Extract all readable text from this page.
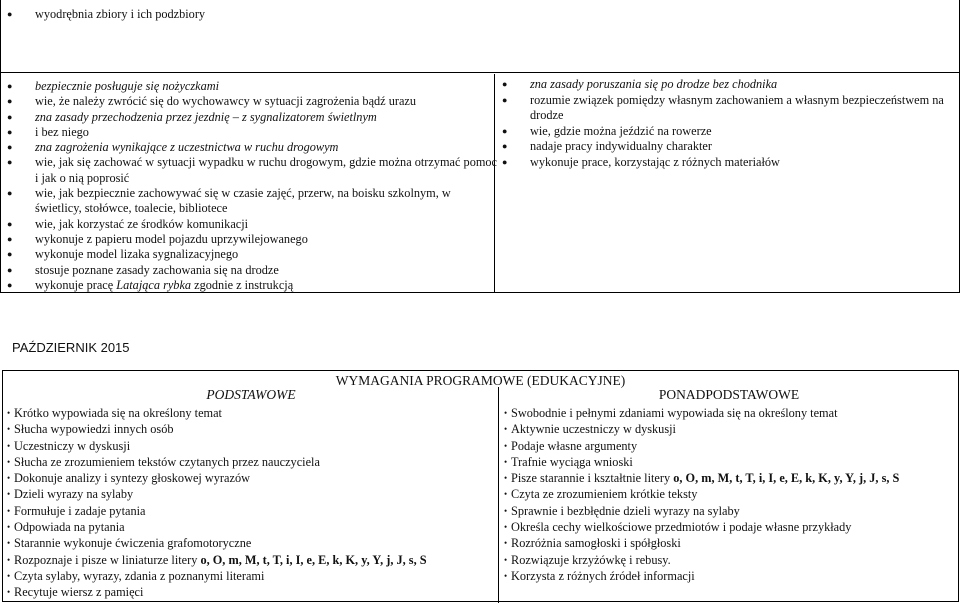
● wyodrębnia zbiory i ich podzbiory
● bezpiecznie posługuje się nożyczkami
● wie, że należy zwrócić się do wychowawcy w sytuacji zagrożenia bądź urazu
● zna zasady przechodzenia przez jezdnię – z sygnalizatorem świetlnym
● i bez niego
● zna zagrożenia wynikające z uczestnictwa w ruchu drogowym
● wie, jak się zachować w sytuacji wypadku w ruchu drogowym, gdzie można otrzymać pomoc
i jak o nią poprosić
● wie, jak bezpiecznie zachowywać się w czasie zajęć, przerw, na boisku szkolnym, w
świetlicy, stołówce, toalecie, bibliotece
● wie, jak korzystać ze środków komunikacji
● wykonuje z papieru model pojazdu uprzywilejowanego
● wykonuje model lizaka sygnalizacyjnego
● stosuje poznane zasady zachowania się na drodze
● wykonuje pracę Latająca rybka zgodnie z instrukcją
● zna zasady poruszania się po drodze bez chodnika
● rozumie związek pomiędzy własnym zachowaniem a własnym bezpieczeństwem na
drodze
● wie, gdzie można jeździć na rowerze
● nadaje pracy indywidualny charakter
● wykonuje prace, korzystając z różnych materiałów
PAŹDZIERNIK 2015
WYMAGANIA PROGRAMOWE (EDUKACYJNE)
PODSTAWOWE
• Krótko wypowiada się na określony temat
• Słucha wypowiedzi innych osób
• Uczestniczy w dyskusji
• Słucha ze zrozumieniem tekstów czytanych przez nauczyciela
• Dokonuje analizy i syntezy głoskowej wyrazów
• Dzieli wyrazy na sylaby
• Formułuje i zadaje pytania
• Odpowiada na pytania
• Starannie wykonuje ćwiczenia grafomotoryczne
• Rozpoznaje i pisze w liniaturze litery o, O, m, M, t, T, i, I, e, E, k, K, y, Y, j, J, s, S
• Czyta sylaby, wyrazy, zdania z poznanymi literami
• Recytuje wiersz z pamięci
PONADPODSTAWOWE
• Swobodnie i pełnymi zdaniami wypowiada się na określony temat
• Aktywnie uczestniczy w dyskusji
• Podaje własne argumenty
• Trafnie wyciąga wnioski
• Pisze starannie i kształtnie litery o, O, m, M, t, T, i, I, e, E, k, K, y, Y, j, J, s, S
• Czyta ze zrozumieniem krótkie teksty
• Sprawnie i bezbłędnie dzieli wyrazy na sylaby
• Określa cechy wielkościowe przedmiotów i podaje własne przykłady
• Rozróżnia samogłoski i spółgłoski
• Rozwiązuje krzyżówkę i rebusy.
• Korzysta z różnych źródeł informacji
